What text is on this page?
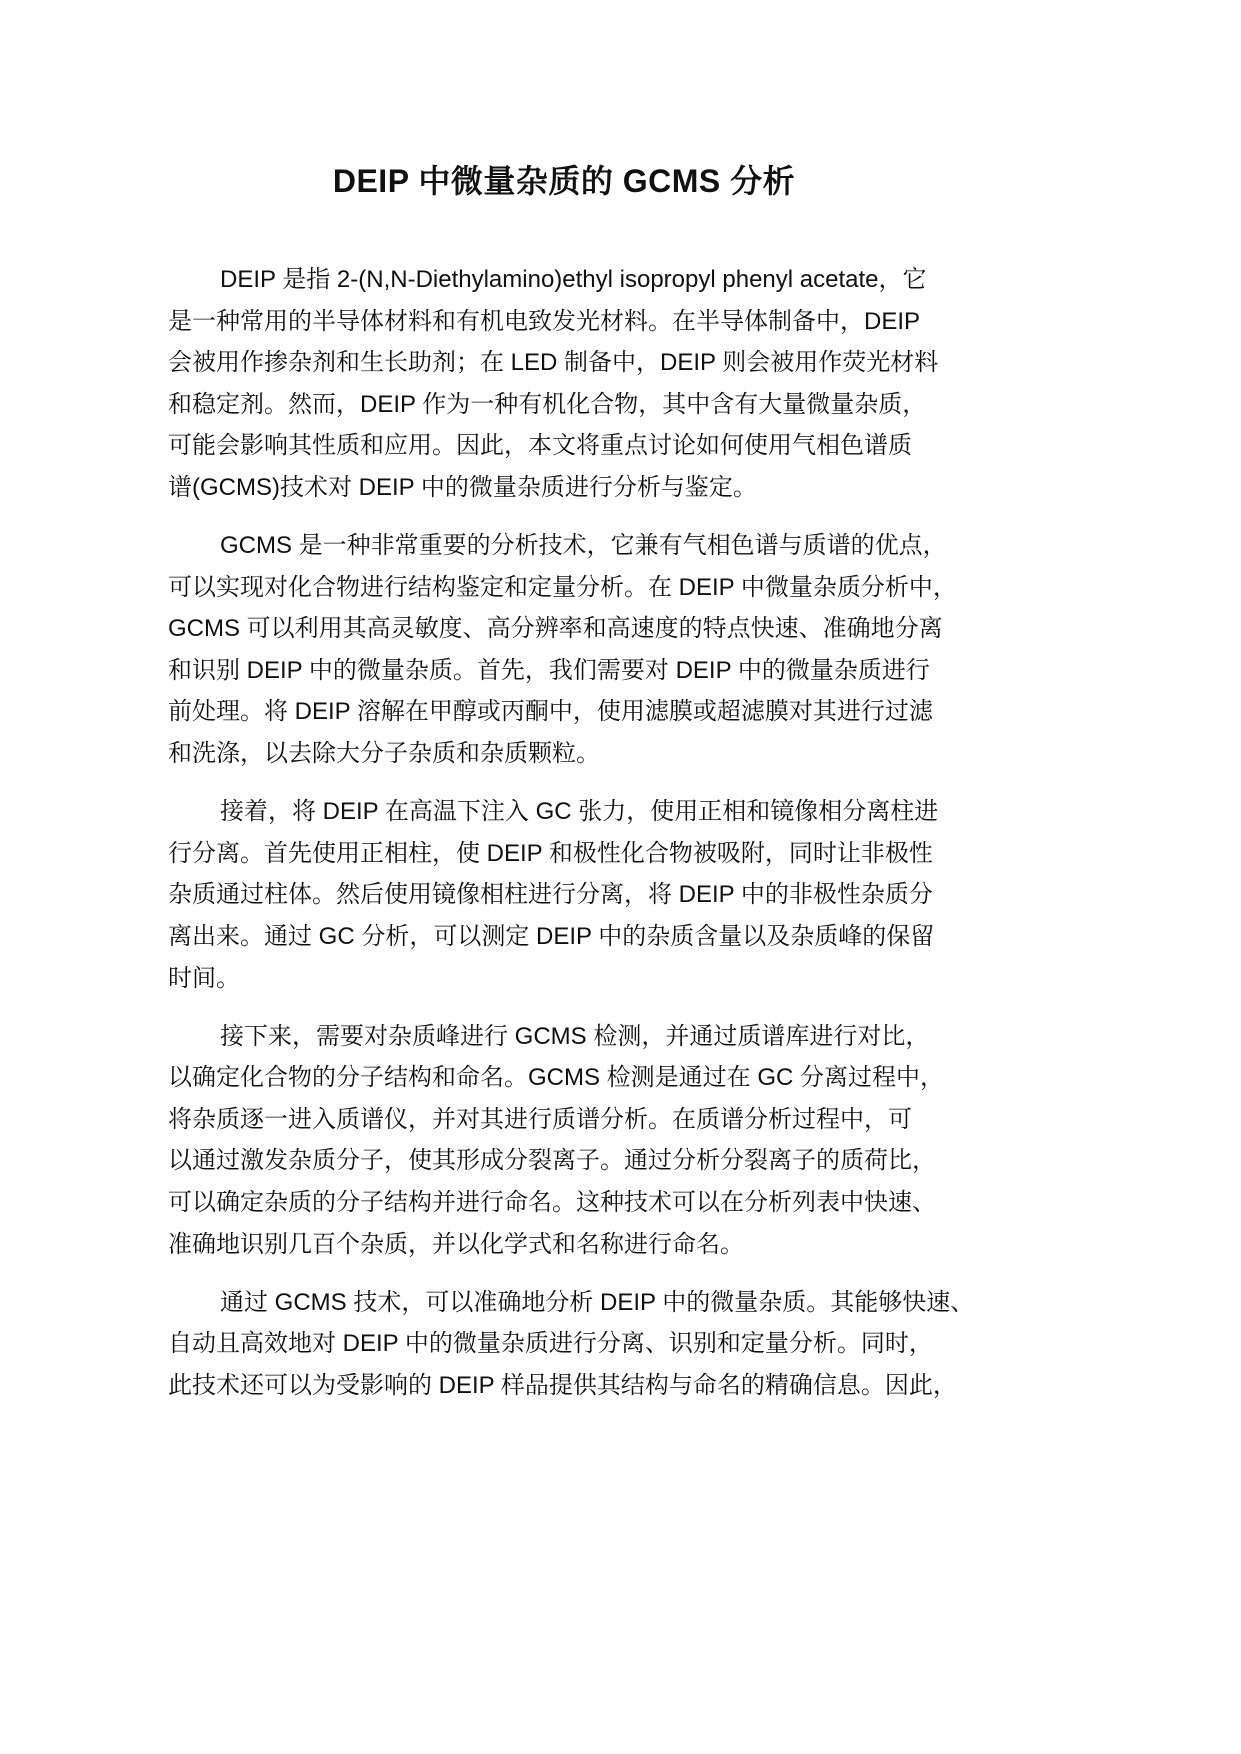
DEIP 中微量杂质的 GCMS 分析
DEIP 是指 2-(N,N-Diethylamino)ethyl isopropyl phenyl acetate，它
是一种常用的半导体材料和有机电致发光材料。在半导体制备中，DEIP
会被用作掺杂剂和生长助剂；在 LED 制备中，DEIP 则会被用作荧光材料
和稳定剂。然而，DEIP 作为一种有机化合物，其中含有大量微量杂质，
可能会影响其性质和应用。因此，本文将重点讨论如何使用气相色谱质
谱(GCMS)技术对 DEIP 中的微量杂质进行分析与鉴定。
GCMS 是一种非常重要的分析技术，它兼有气相色谱与质谱的优点，
可以实现对化合物进行结构鉴定和定量分析。在 DEIP 中微量杂质分析中，
GCMS 可以利用其高灵敏度、高分辨率和高速度的特点快速、准确地分离
和识别 DEIP 中的微量杂质。首先，我们需要对 DEIP 中的微量杂质进行
前处理。将 DEIP 溶解在甲醇或丙酮中，使用滤膜或超滤膜对其进行过滤
和洗涤，以去除大分子杂质和杂质颗粒。
接着，将 DEIP 在高温下注入 GC 张力，使用正相和镜像相分离柱进
行分离。首先使用正相柱，使 DEIP 和极性化合物被吸附，同时让非极性
杂质通过柱体。然后使用镜像相柱进行分离，将 DEIP 中的非极性杂质分
离出来。通过 GC 分析，可以测定 DEIP 中的杂质含量以及杂质峰的保留
时间。
接下来，需要对杂质峰进行 GCMS 检测，并通过质谱库进行对比，
以确定化合物的分子结构和命名。GCMS 检测是通过在 GC 分离过程中，
将杂质逐一进入质谱仪，并对其进行质谱分析。在质谱分析过程中，可
以通过激发杂质分子，使其形成分裂离子。通过分析分裂离子的质荷比，
可以确定杂质的分子结构并进行命名。这种技术可以在分析列表中快速、
准确地识别几百个杂质，并以化学式和名称进行命名。
通过 GCMS 技术，可以准确地分析 DEIP 中的微量杂质。其能够快速、
自动且高效地对 DEIP 中的微量杂质进行分离、识别和定量分析。同时，
此技术还可以为受影响的 DEIP 样品提供其结构与命名的精确信息。因此，
